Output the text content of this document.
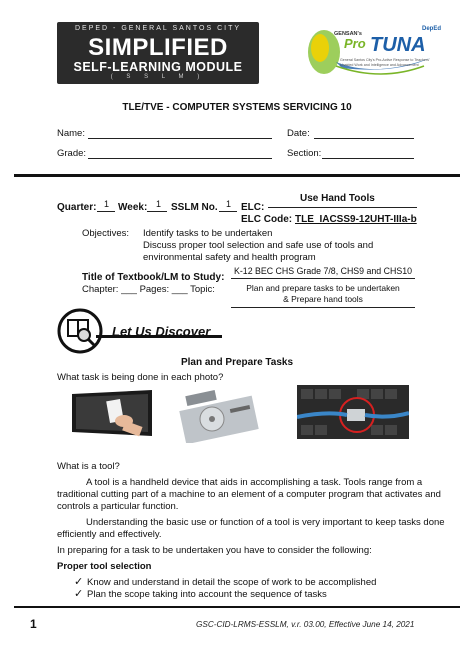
DEPED - GENERAL SANTOS CITY
SIMPLIFIED
SELF-LEARNING MODULE
( S S L M )
GENSAN's
Pro TUNA
DepEd
General Santos City's Pro-Active Response to Teachers' Unaided Work and Intelligence and Advancement
TLE/TVE - COMPUTER SYSTEMS SERVICING 10
Name:	Date:
Grade:	Section:
Use Hand Tools
Quarter: 1 Week: 1 SSLM No. 1 ELC:
ELC Code: TLE_IACSS9-12UHT-IIIa-b
Objectives: Identify tasks to be undertaken
Discuss proper tool selection and safe use of tools and
environmental safety and health program
K-12 BEC CHS Grade 7/8, CHS9 and CHS10
Title of Textbook/LM to Study:
Chapter: ___ Pages: ___ Topic:	Plan and prepare tasks to be undertaken
& Prepare hand tools
Let Us Discover
Plan and Prepare Tasks
What task is being done in each photo?
What is a tool?
A tool is a handheld device that aids in accomplishing a task. Tools range from a
traditional cutting part of a machine to an element of a computer program that activates and
controls a particular function.
Understanding the basic use or function of a tool is very important to keep tasks done
efficiently and effectively.
In preparing for a task to be undertaken you have to consider the following:
Proper tool selection
✓ Know and understand in detail the scope of work to be accomplished
✓ Plan the scope taking into account the sequence of tasks
1	GSC-CID-LRMS-ESSLM, v.r. 03.00, Effective June 14, 2021
